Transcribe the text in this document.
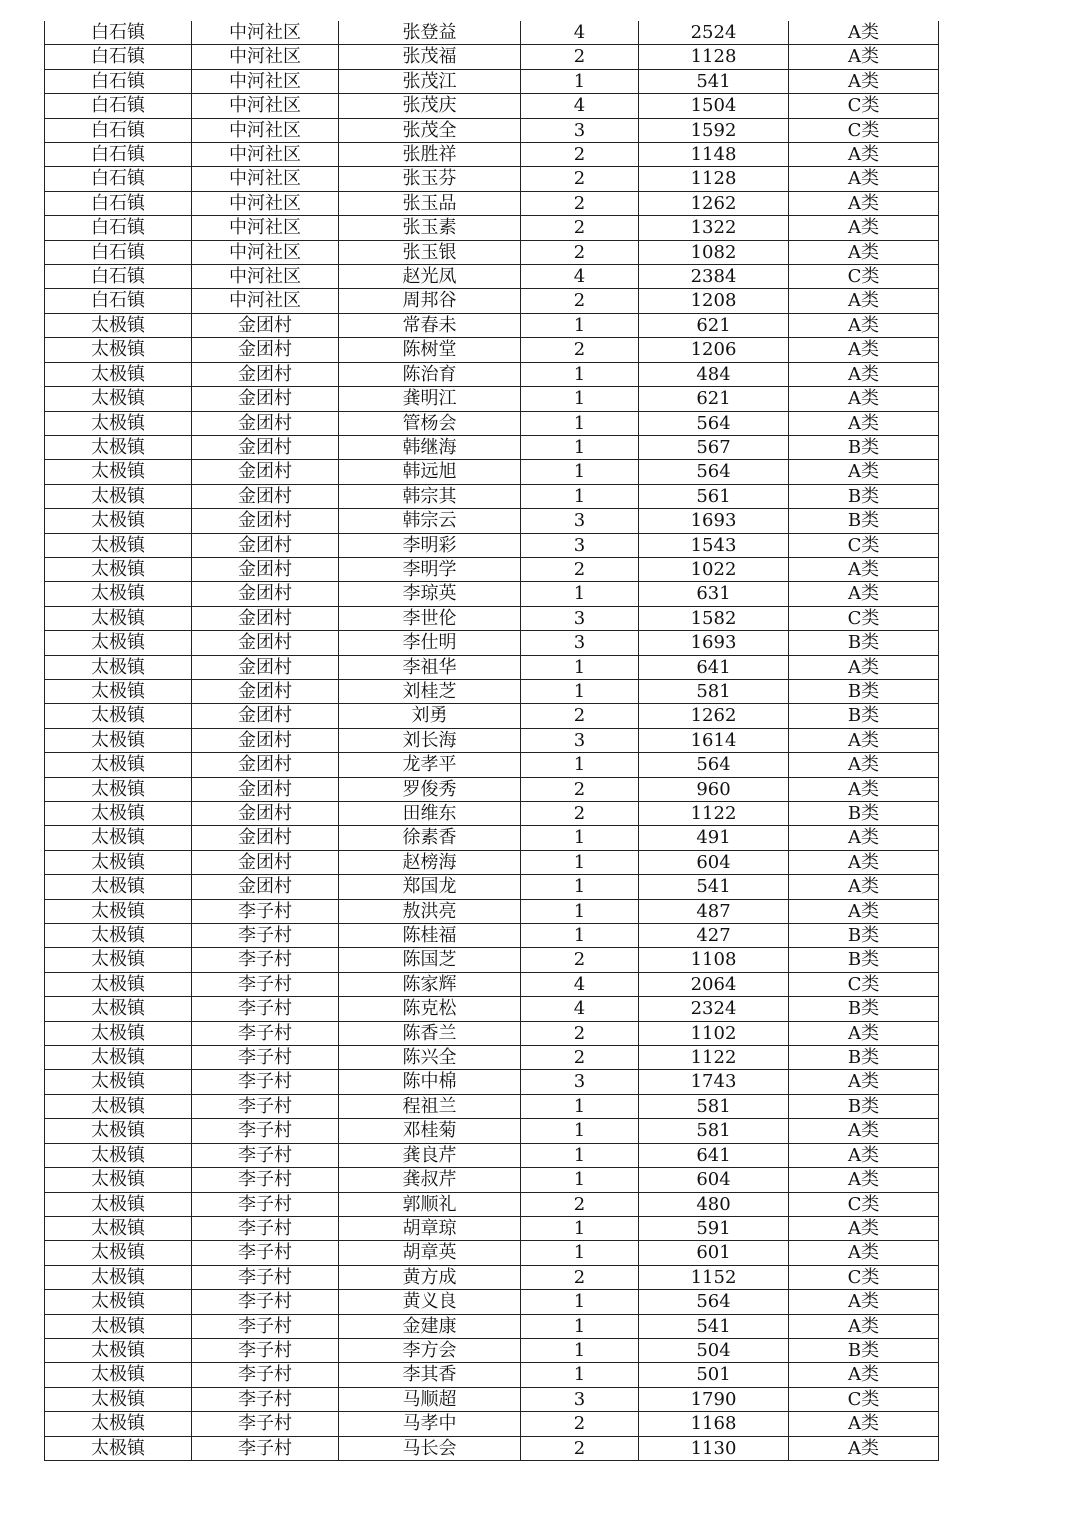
白石镇	中河社区	张登益	4	2524	A类
白石镇	中河社区	张茂福	2	1128	A类
白石镇	中河社区	张茂江	1	541	A类
白石镇	中河社区	张茂庆	4	1504	C类
白石镇	中河社区	张茂全	3	1592	C类
白石镇	中河社区	张胜祥	2	1148	A类
白石镇	中河社区	张玉芬	2	1128	A类
白石镇	中河社区	张玉品	2	1262	A类
白石镇	中河社区	张玉素	2	1322	A类
白石镇	中河社区	张玉银	2	1082	A类
白石镇	中河社区	赵光凤	4	2384	C类
白石镇	中河社区	周邦谷	2	1208	A类
太极镇	金团村	常春未	1	621	A类
太极镇	金团村	陈树堂	2	1206	A类
太极镇	金团村	陈治育	1	484	A类
太极镇	金团村	龚明江	1	621	A类
太极镇	金团村	管杨会	1	564	A类
太极镇	金团村	韩继海	1	567	B类
太极镇	金团村	韩远旭	1	564	A类
太极镇	金团村	韩宗其	1	561	B类
太极镇	金团村	韩宗云	3	1693	B类
太极镇	金团村	李明彩	3	1543	C类
太极镇	金团村	李明学	2	1022	A类
太极镇	金团村	李琼英	1	631	A类
太极镇	金团村	李世伦	3	1582	C类
太极镇	金团村	李仕明	3	1693	B类
太极镇	金团村	李祖华	1	641	A类
太极镇	金团村	刘桂芝	1	581	B类
太极镇	金团村	刘勇	2	1262	B类
太极镇	金团村	刘长海	3	1614	A类
太极镇	金团村	龙孝平	1	564	A类
太极镇	金团村	罗俊秀	2	960	A类
太极镇	金团村	田维东	2	1122	B类
太极镇	金团村	徐素香	1	491	A类
太极镇	金团村	赵榜海	1	604	A类
太极镇	金团村	郑国龙	1	541	A类
太极镇	李子村	敖洪亮	1	487	A类
太极镇	李子村	陈桂福	1	427	B类
太极镇	李子村	陈国芝	2	1108	B类
太极镇	李子村	陈家辉	4	2064	C类
太极镇	李子村	陈克松	4	2324	B类
太极镇	李子村	陈香兰	2	1102	A类
太极镇	李子村	陈兴全	2	1122	B类
太极镇	李子村	陈中棉	3	1743	A类
太极镇	李子村	程祖兰	1	581	B类
太极镇	李子村	邓桂菊	1	581	A类
太极镇	李子村	龚良芹	1	641	A类
太极镇	李子村	龚叔芹	1	604	A类
太极镇	李子村	郭顺礼	2	480	C类
太极镇	李子村	胡章琼	1	591	A类
太极镇	李子村	胡章英	1	601	A类
太极镇	李子村	黄方成	2	1152	C类
太极镇	李子村	黄义良	1	564	A类
太极镇	李子村	金建康	1	541	A类
太极镇	李子村	李方会	1	504	B类
太极镇	李子村	李其香	1	501	A类
太极镇	李子村	马顺超	3	1790	C类
太极镇	李子村	马孝中	2	1168	A类
太极镇	李子村	马长会	2	1130	A类
